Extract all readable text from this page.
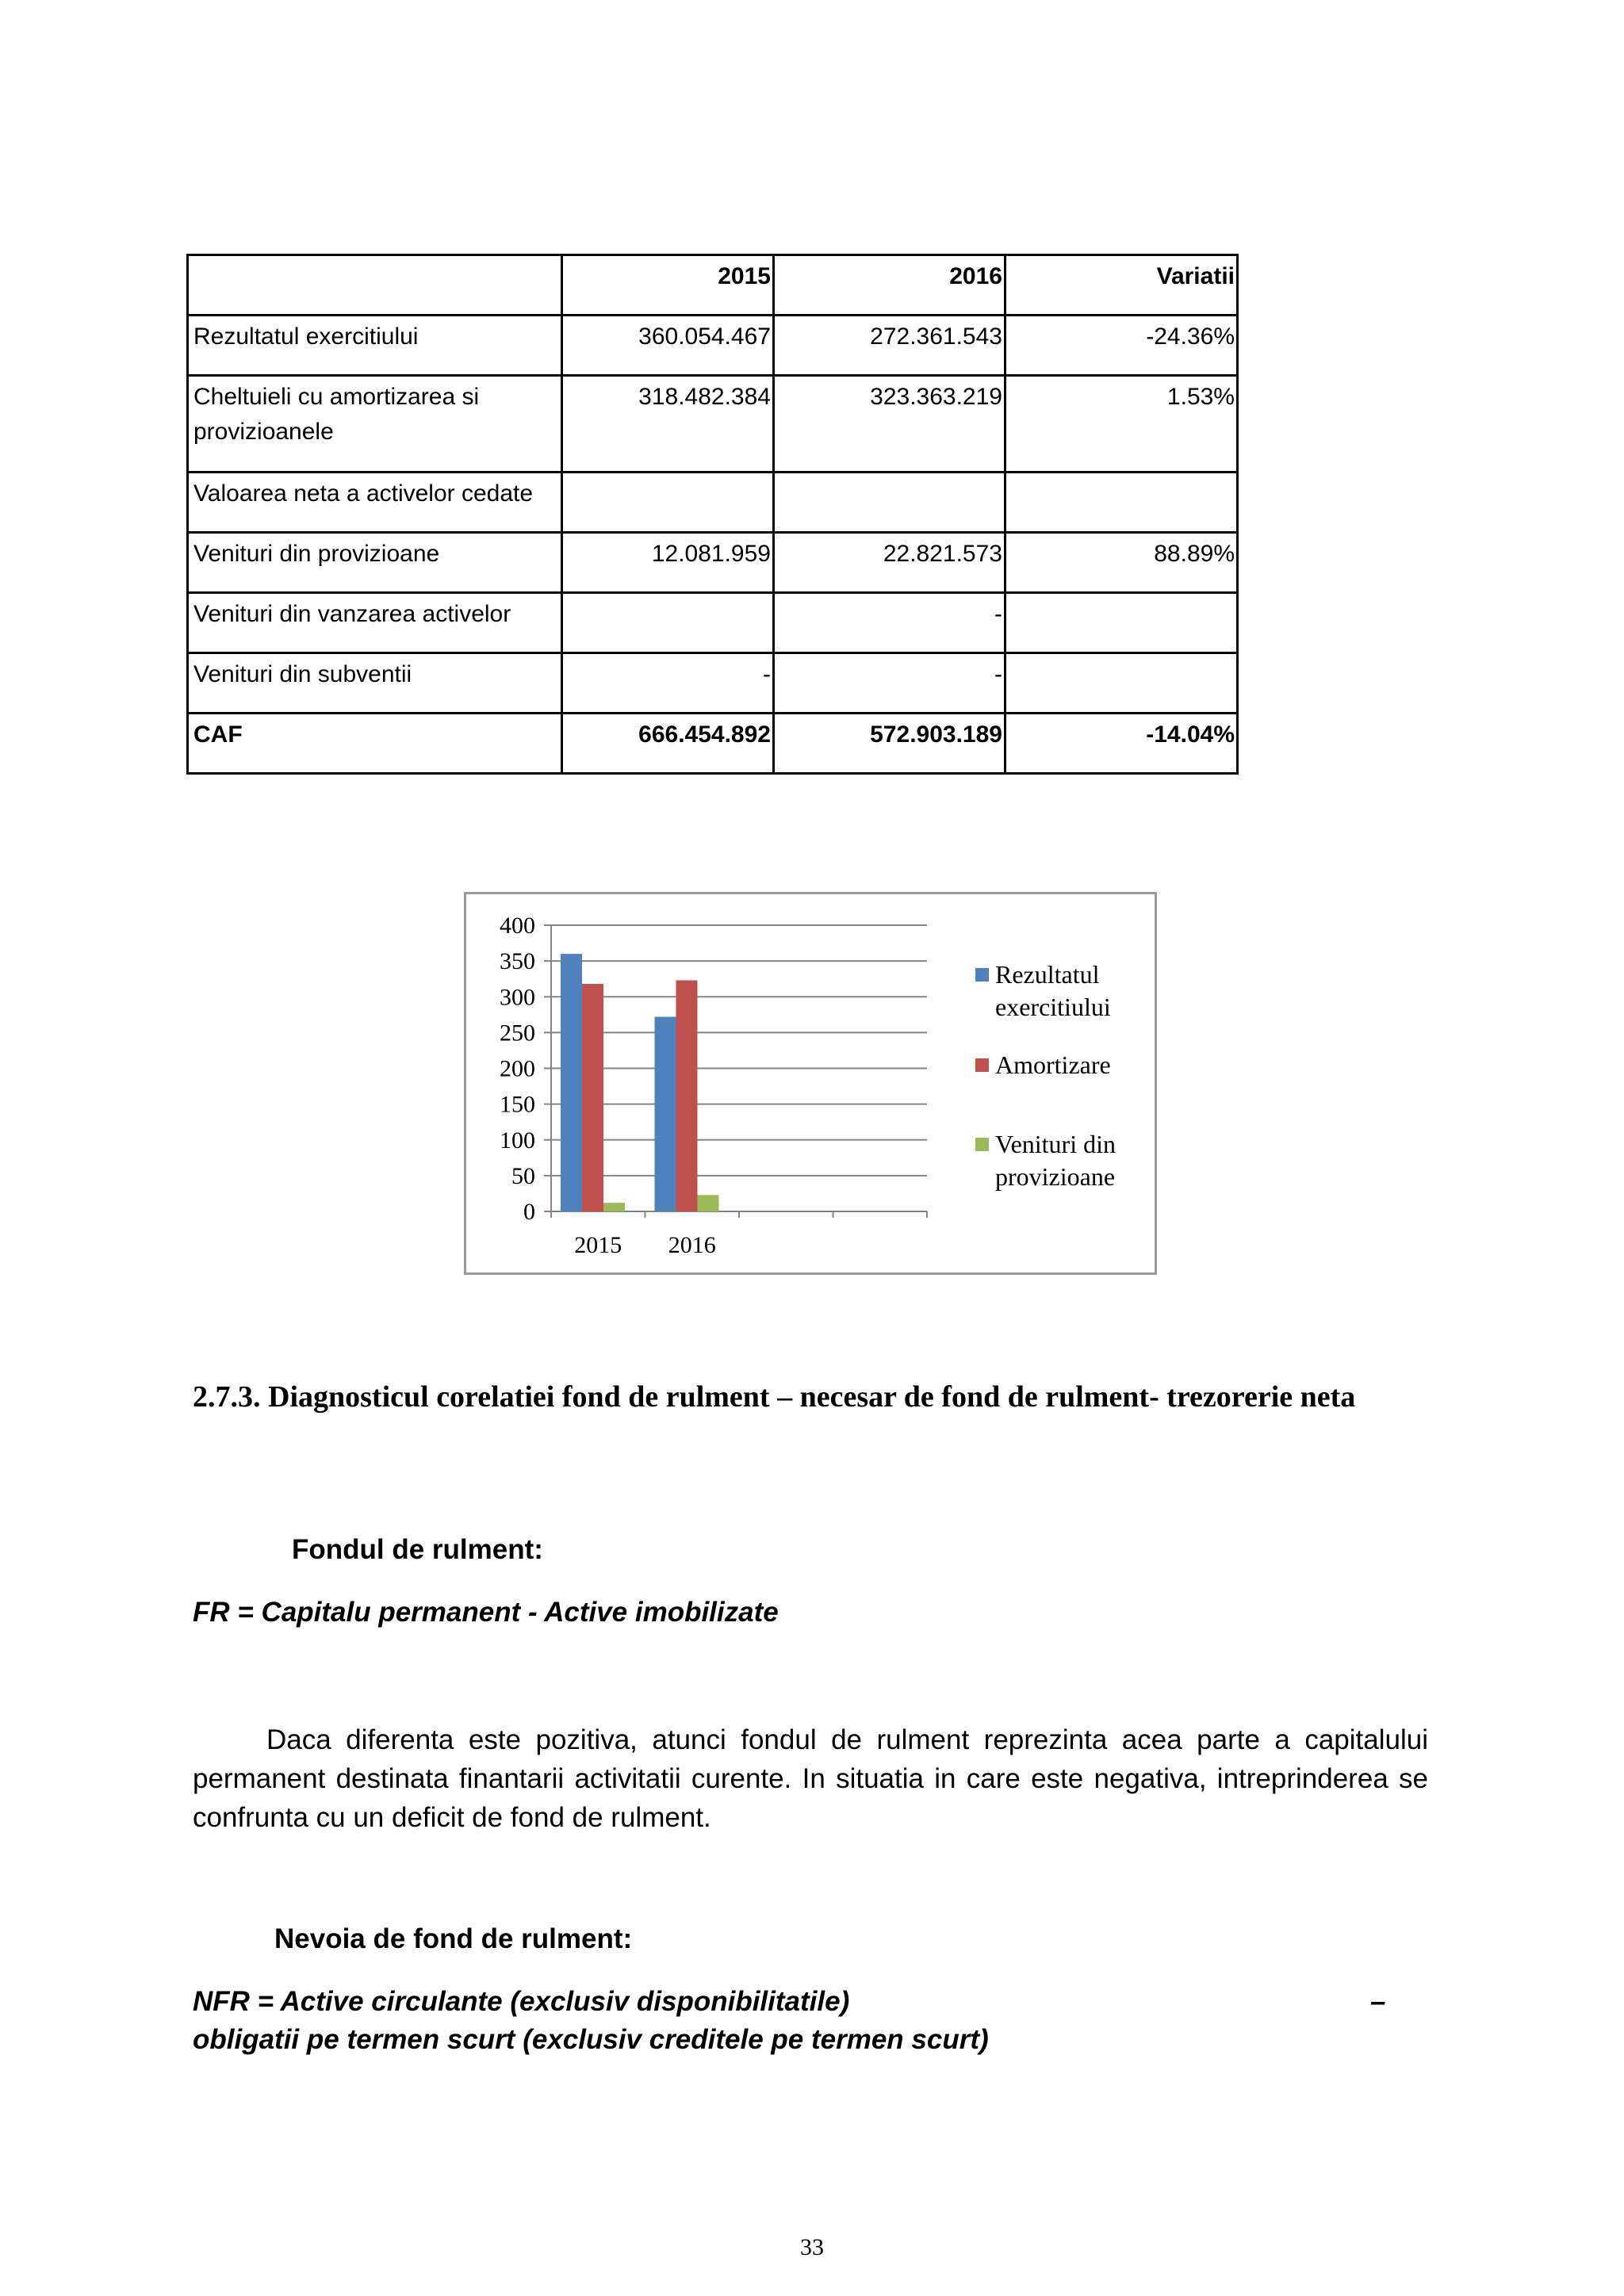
	2015	2016	Variatii
Rezultatul exercitiului	360.054.467	272.361.543	-24.36%
Cheltuieli cu amortizarea si provizioanele	318.482.384	323.363.219	1.53%
Valoarea neta a activelor cedate			
Venituri din provizioane	12.081.959	22.821.573	88.89%
Venituri din vanzarea activelor		-	
Venituri din subventii	-	-	
CAF	666.454.892	572.903.189	-14.04%
0
50
100
150
200
250
300
350
400
2015 2016
Rezultatul
exercitiului
Amortizare
Venituri din
provizioane

2.7.3. Diagnosticul corelatiei fond de rulment – necesar de fond de rulment- trezorerie neta

Fondul de rulment:

FR = Capitalu permanent - Active imobilizate

Daca diferenta este pozitiva, atunci fondul de rulment reprezinta acea parte a capitalului permanent destinata finantarii activitatii curente. In situatia in care este negativa, intreprinderea se confrunta cu un deficit de fond de rulment.

Nevoia de fond de rulment:

NFR = Active circulante (exclusiv disponibilitatile)	–

obligatii pe termen scurt (exclusiv creditele pe termen scurt)

33
